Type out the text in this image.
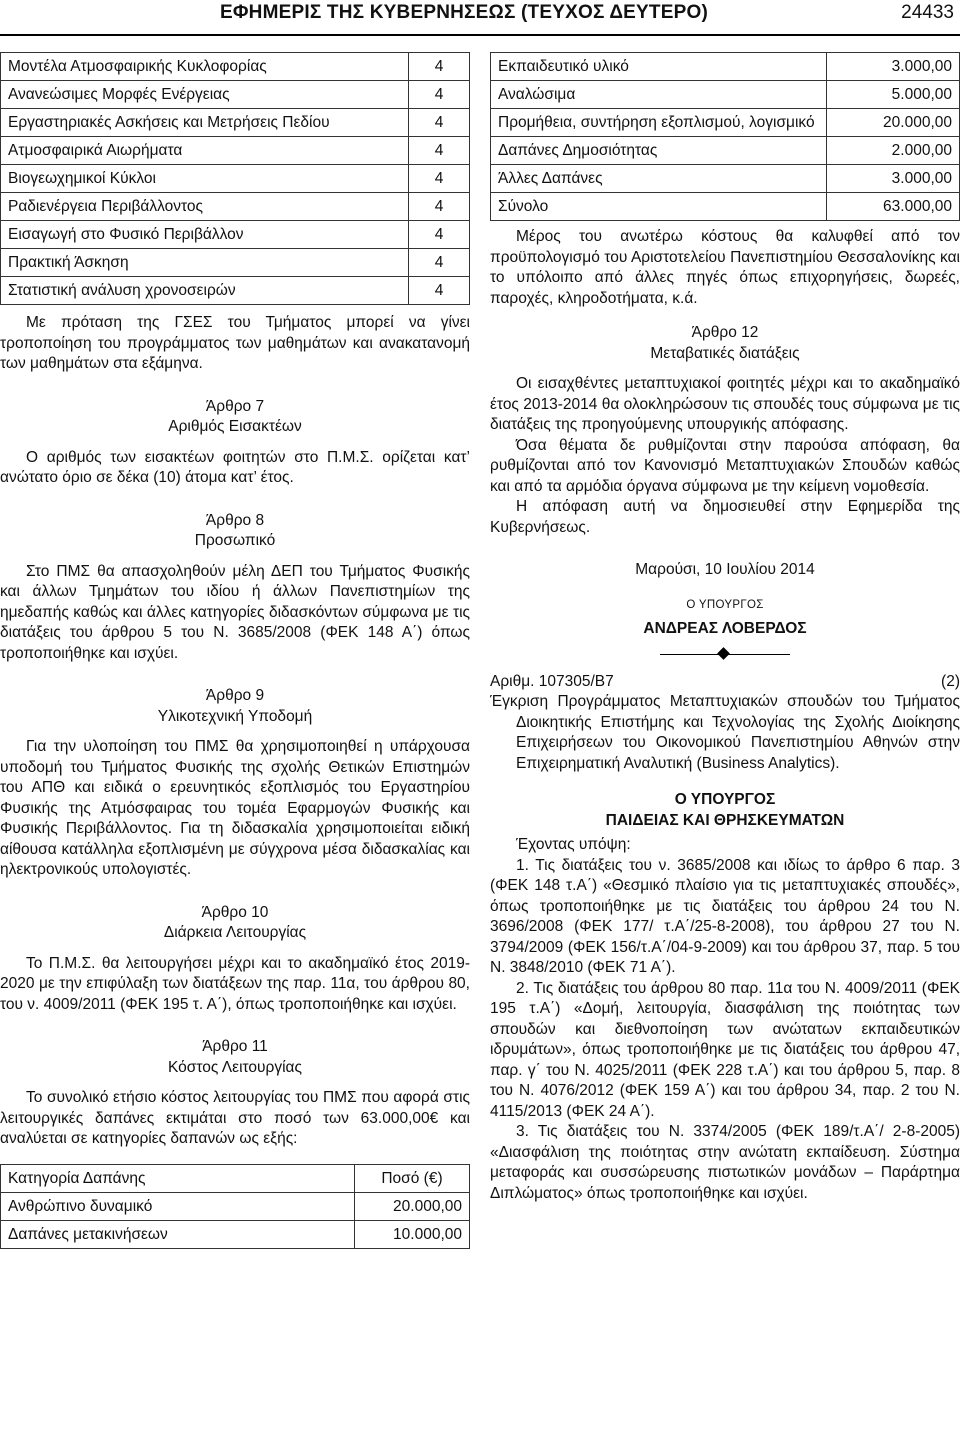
ΕΦΗΜΕΡΙΣ ΤΗΣ ΚΥΒΕΡΝΗΣΕΩΣ (ΤΕΥΧΟΣ ΔΕΥΤΕΡΟ)	24433
Μοντέλα Ατμοσφαιρικής Κυκλοφορίας	4
Ανανεώσιμες Μορφές Ενέργειας	4
Εργαστηριακές Ασκήσεις και Μετρήσεις Πεδίου	4
Ατμοσφαιρικά Αιωρήματα	4
Βιογεωχημικοί Κύκλοι	4
Ραδιενέργεια Περιβάλλοντος	4
Εισαγωγή στο Φυσικό Περιβάλλον	4
Πρακτική Άσκηση	4
Στατιστική ανάλυση χρονοσειρών	4

Με πρόταση της ΓΣΕΣ του Τμήματος μπορεί να γίνει τροποποίηση του προγράμματος των μαθημάτων και ανακατανομή των μαθημάτων στα εξάμηνα.

Άρθρο 7

Αριθμός Εισακτέων

Ο αριθμός των εισακτέων φοιτητών στο Π.Μ.Σ. ορίζεται κατ’ ανώτατο όριο σε δέκα (10) άτομα κατ’ έτος.

Άρθρο 8

Προσωπικό

Στο ΠΜΣ θα απασχοληθούν μέλη ΔΕΠ του Τμήματος Φυσικής και άλλων Τμημάτων του ιδίου ή άλλων Πανεπιστημίων της ημεδαπής καθώς και άλλες κατηγορίες διδασκόντων σύμφωνα με τις διατάξεις του άρθρου 5 του Ν. 3685/2008 (ΦΕΚ 148 Α΄) όπως τροποποιήθηκε και ισχύει.

Άρθρο 9

Υλικοτεχνική Υποδομή

Για την υλοποίηση του ΠΜΣ θα χρησιμοποιηθεί η υπάρχουσα υποδομή του Τμήματος Φυσικής της σχολής Θετικών Επιστημών του ΑΠΘ και ειδικά ο ερευνητικός εξοπλισμός του Εργαστηρίου Φυσικής της Ατμόσφαιρας του τομέα Εφαρμογών Φυσικής και Φυσικής Περιβάλλοντος. Για τη διδασκαλία χρησιμοποιείται ειδική αίθουσα κατάλληλα εξοπλισμένη με σύγχρονα μέσα διδασκαλίας και ηλεκτρονικούς υπολογιστές.

Άρθρο 10

Διάρκεια Λειτουργίας

Το Π.Μ.Σ. θα λειτουργήσει μέχρι και το ακαδημαϊκό έτος 2019-2020 με την επιφύλαξη των διατάξεων της παρ. 11α, του άρθρου 80, του ν. 4009/2011 (ΦΕΚ 195 τ. Α΄), όπως τροποποιήθηκε και ισχύει.

Άρθρο 11

Κόστος Λειτουργίας

Το συνολικό ετήσιο κόστος λειτουργίας του ΠΜΣ που αφορά στις λειτουργικές δαπάνες εκτιμάται στο ποσό των 63.000,00€ και αναλύεται σε κατηγορίες δαπανών ως εξής:

Κατηγορία Δαπάνης	Ποσό (€)
Ανθρώπινο δυναμικό	20.000,00
Δαπάνες μετακινήσεων	10.000,00
Εκπαιδευτικό υλικό	3.000,00
Αναλώσιμα	5.000,00
Προμήθεια, συντήρηση εξοπλισμού, λογισμικό	20.000,00
Δαπάνες Δημοσιότητας	2.000,00
Άλλες Δαπάνες	3.000,00
Σύνολο	63.000,00

Μέρος του ανωτέρω κόστους θα καλυφθεί από τον προϋπολογισμό του Αριστοτελείου Πανεπιστημίου Θεσσαλονίκης και το υπόλοιπο από άλλες πηγές όπως επιχορηγήσεις, δωρεές, παροχές, κληροδοτήματα, κ.ά.

Άρθρο 12

Μεταβατικές διατάξεις

Οι εισαχθέντες μεταπτυχιακοί φοιτητές μέχρι και το ακαδημαϊκό έτος 2013-2014 θα ολοκληρώσουν τις σπουδές τους σύμφωνα με τις διατάξεις της προηγούμενης υπουργικής απόφασης.

Όσα θέματα δε ρυθμίζονται στην παρούσα απόφαση, θα ρυθμίζονται από τον Κανονισμό Μεταπτυχιακών Σπουδών καθώς και από τα αρμόδια όργανα σύμφωνα με την κείμενη νομοθεσία.

Η απόφαση αυτή να δημοσιευθεί στην Εφημερίδα της Κυβερνήσεως.

Μαρούσι, 10 Ιουλίου 2014

Ο ΥΠΟΥΡΓΟΣ

ΑΝΔΡΕΑΣ ΛΟΒΕΡΔΟΣ

Αριθμ. 107305/Β7	(2)

Έγκριση Προγράμματος Μεταπτυχιακών σπουδών του Τμήματος Διοικητικής Επιστήμης και Τεχνολογίας της Σχολής Διοίκησης Επιχειρήσεων του Οικονομικού Πανεπιστημίου Αθηνών στην Επιχειρηματική Αναλυτική (Business Analytics).

Ο ΥΠΟΥΡΓΟΣ

ΠΑΙΔΕΙΑΣ ΚΑΙ ΘΡΗΣΚΕΥΜΑΤΩΝ

Έχοντας υπόψη:

1. Τις διατάξεις του ν. 3685/2008 και ιδίως το άρθρο 6 παρ. 3 (ΦΕΚ 148 τ.Α΄) «Θεσμικό πλαίσιο για τις μεταπτυχιακές σπουδές», όπως τροποποιήθηκε με τις διατάξεις του άρθρου 24 του Ν. 3696/2008 (ΦΕΚ 177/ τ.Α΄/25-8-2008), του άρθρου 27 του Ν. 3794/2009 (ΦΕΚ 156/τ.Α΄/04-9-2009) και του άρθρου 37, παρ. 5 του Ν. 3848/2010 (ΦΕΚ 71 Α΄).

2. Τις διατάξεις του άρθρου 80 παρ. 11α του Ν. 4009/2011 (ΦΕΚ 195 τ.Α΄) «Δομή, λειτουργία, διασφάλιση της ποιότητας των σπουδών και διεθνοποίηση των ανώτατων εκπαιδευτικών ιδρυμάτων», όπως τροποποιήθηκε με τις διατάξεις του άρθρου 47, παρ. γ΄ του Ν. 4025/2011 (ΦΕΚ 228 τ.Α΄) και του άρθρου 5, παρ. 8 του Ν. 4076/2012 (ΦΕΚ 159 Α΄) και του άρθρου 34, παρ. 2 του Ν. 4115/2013 (ΦΕΚ 24 Α΄).

3. Τις διατάξεις του Ν. 3374/2005 (ΦΕΚ 189/τ.Α΄/ 2-8-2005) «Διασφάλιση της ποιότητας στην ανώτατη εκπαίδευση. Σύστημα μεταφοράς και συσσώρευσης πιστωτικών μονάδων – Παράρτημα Διπλώματος» όπως τροποποιήθηκε και ισχύει.
